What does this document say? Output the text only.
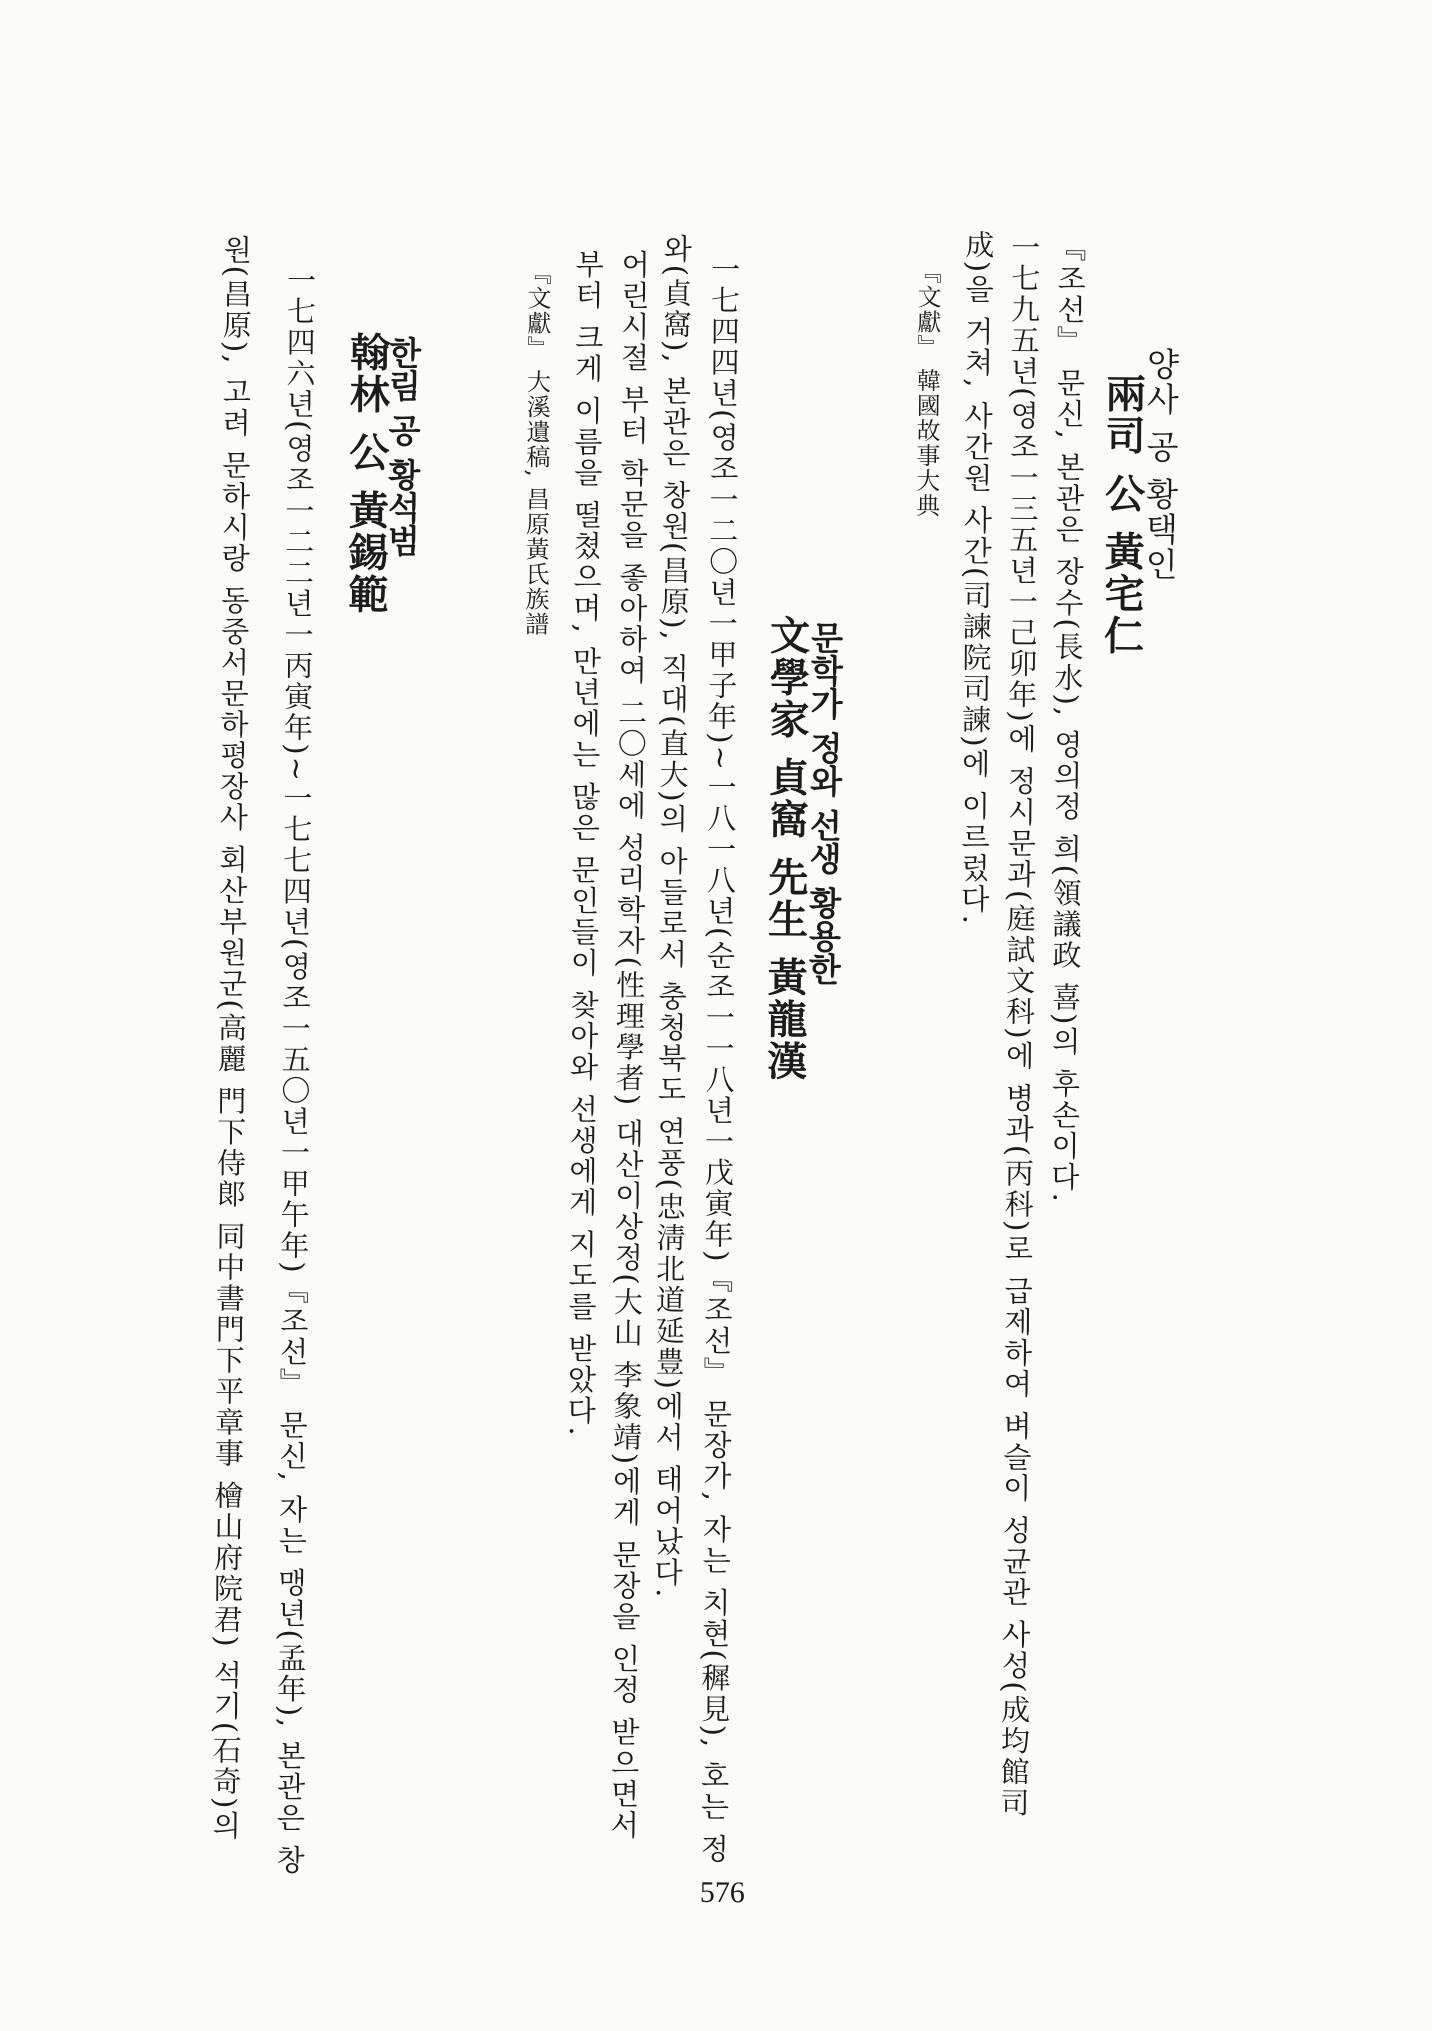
양사 공 황택인
兩司 公 黃宅仁
『조선』 문신, 본관은 장수(長水), 영의정 희(領議政 喜)의 후손이다.
一七九五년(영조一三五년一己卯年)에 정시문과(庭試文科)에 병과(丙科)로 급제하여 벼슬이 성균관 사성(成均館司
成)을 거쳐, 사간원 사간(司諫院司諫)에 이르렀다.
『文獻』 韓國故事大典
문학가 정와 선생 황용한
文學家 貞窩 先生 黃龍漢
一七四四년(영조一二〇년一甲子年)~一八一八년(순조一一八년一戊寅年)『조선』 문장가, 자는 치현(穉見), 호는 정
와(貞窩), 본관은 창원(昌原), 직대(直大)의 아들로서 충청북도 연풍(忠淸北道延豊)에서 태어났다.
어린시절 부터 학문을 좋아하여 二〇세에 성리학자(性理學者) 대산이상정(大山 李象靖)에게 문장을 인정 받으면서
부터 크게 이름을 떨쳤으며, 만년에는 많은 문인들이 찾아와 선생에게 지도를 받았다.
『文獻』 大溪遺稿, 昌原黃氏族譜
한림 공 황석범
翰林 公 黃錫範
一七四六년(영조一二二년一丙寅年)~一七七四년(영조一五〇년一甲午年)『조선』 문신, 자는 맹년(孟年), 본관은 창
원(昌原), 고려 문하시랑 동중서문하평장사 회산부원군(高麗 門下侍郞 同中書門下平章事 檜山府院君) 석기(石奇)의
576
